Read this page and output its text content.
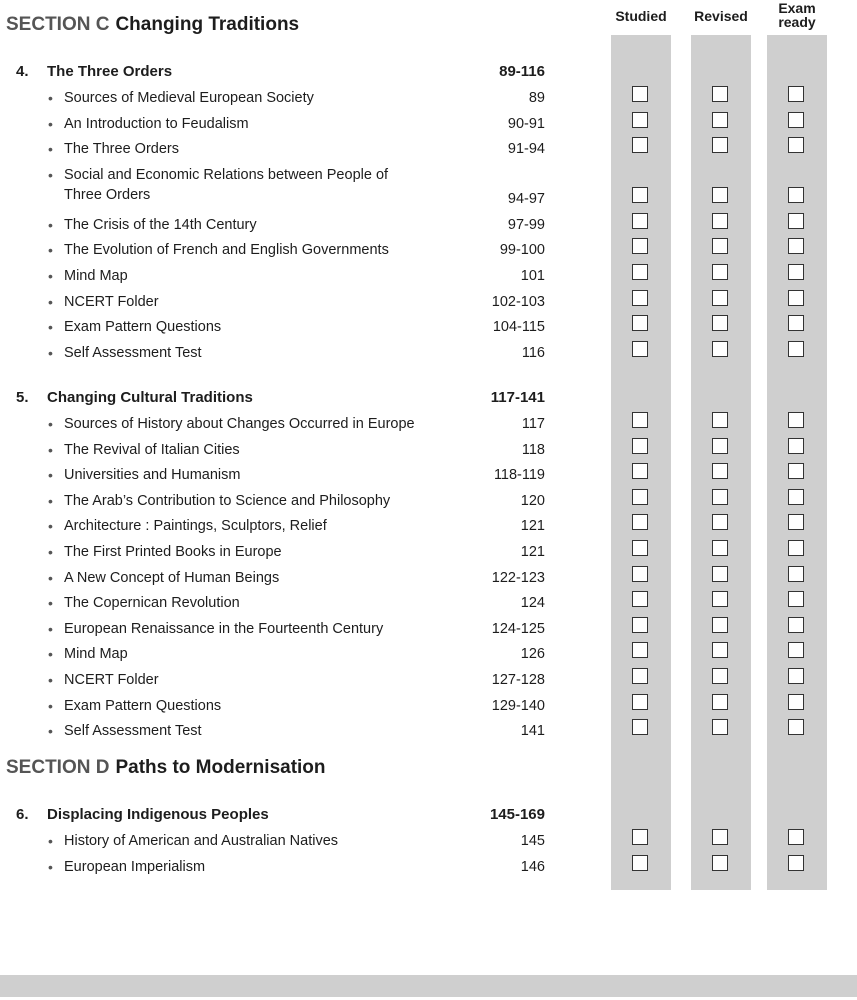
Studied	Revised	Exam ready
SECTION C Changing Traditions
4. The Three Orders	89-116
• Sources of Medieval European Society	89
• An Introduction to Feudalism	90-91
• The Three Orders	91-94
• Social and Economic Relations between People of
Three Orders	94-97
• The Crisis of the 14th Century	97-99
• The Evolution of French and English Governments	99-100
• Mind Map	101
• NCERT Folder	102-103
• Exam Pattern Questions	104-115
• Self Assessment Test	116
5. Changing Cultural Traditions	117-141
• Sources of History about Changes Occurred in Europe	117
• The Revival of Italian Cities	118
• Universities and Humanism	118-119
• The Arab’s Contribution to Science and Philosophy	120
• Architecture : Paintings, Sculptors, Relief	121
• The First Printed Books in Europe	121
• A New Concept of Human Beings	122-123
• The Copernican Revolution	124
• European Renaissance in the Fourteenth Century	124-125
• Mind Map	126
• NCERT Folder	127-128
• Exam Pattern Questions	129-140
• Self Assessment Test	141
SECTION D Paths to Modernisation
6. Displacing Indigenous Peoples	145-169
• History of American and Australian Natives	145
• European Imperialism	146
